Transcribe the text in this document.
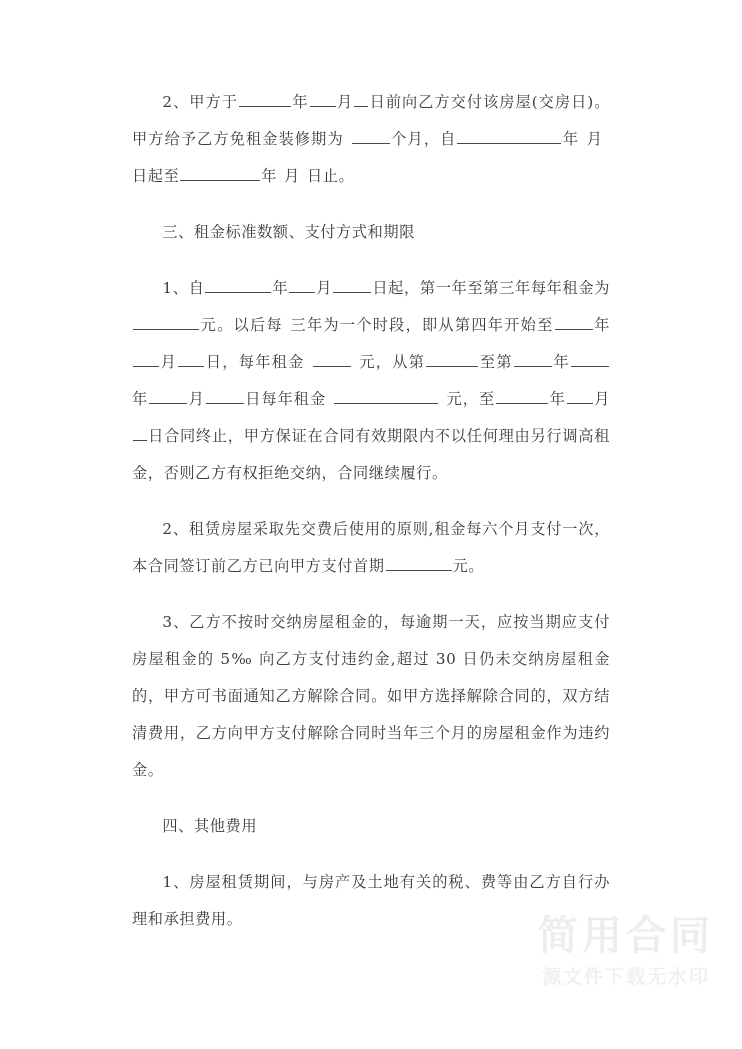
2、甲方于	年 月 日前向乙方交付该房屋(交房日)。甲方给予乙方免租金装修期为	个月，自	年 月日起至	年 月 日止。

三、租金标准数额、支付方式和期限

1、自	年 月	日起，第一年至第三年每年租金为元。以后每 三年为一个时段，即从第四年开始至	年月 日，每年租金	元，从第	至第	年年	月	日每年租金	元，至	年 月日合同终止，甲方保证在合同有效期限内不以任何理由另行调高租金，否则乙方有权拒绝交纳，合同继续履行。

2、租赁房屋采取先交费后使用的原则,租金每六个月支付一次，本合同签订前乙方已向甲方支付首期	元。

3、乙方不按时交纳房屋租金的，每逾期一天，应按当期应支付房屋租金的 5‰ 向乙方支付违约金,超过 30 日仍未交纳房屋租金的，甲方可书面通知乙方解除合同。如甲方选择解除合同的，双方结清费用，乙方向甲方支付解除合同时当年三个月的房屋租金作为违约金。

四、其他费用

1、房屋租赁期间，与房产及土地有关的税、费等由乙方自行办理和承担费用。	简用合同
源文件下载无水印
